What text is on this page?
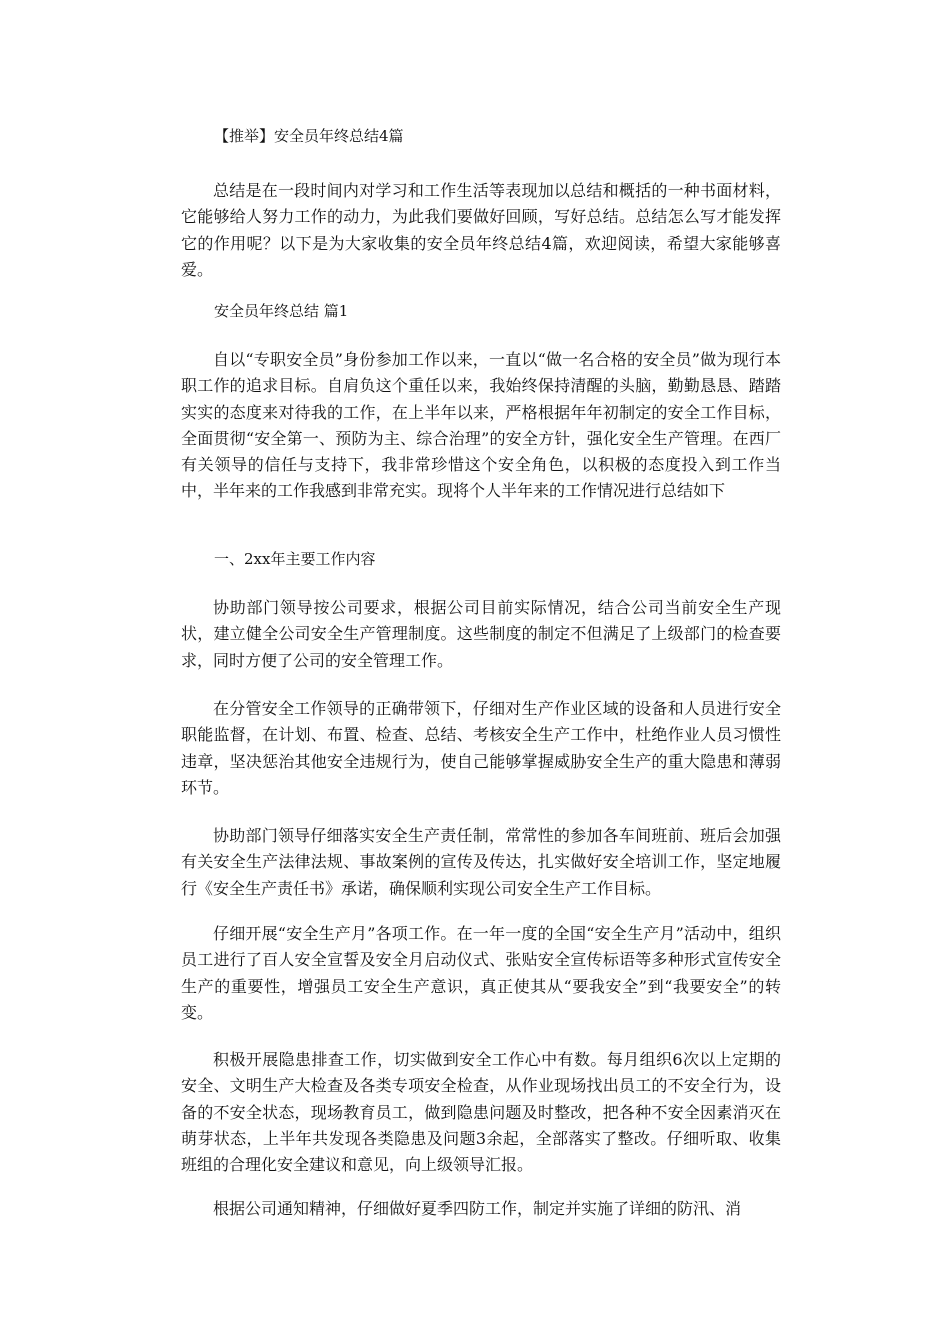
【推举】安全员年终总结4篇

总结是在一段时间内对学习和工作生活等表现加以总结和概括的一种书面材料，它能够给人努力工作的动力，为此我们要做好回顾，写好总结。总结怎么写才能发挥它的作用呢？以下是为大家收集的安全员年终总结4篇，欢迎阅读，希望大家能够喜爱。

安全员年终总结 篇1

自以“专职安全员”身份参加工作以来，一直以“做一名合格的安全员”做为现行本职工作的追求目标。自肩负这个重任以来，我始终保持清醒的头脑，勤勤恳恳、踏踏实实的态度来对待我的工作，在上半年以来，严格根据年年初制定的安全工作目标，全面贯彻“安全第一、预防为主、综合治理”的安全方针，强化安全生产管理。在西厂有关领导的信任与支持下，我非常珍惜这个安全角色，以积极的态度投入到工作当中，半年来的工作我感到非常充实。现将个人半年来的工作情况进行总结如下

一、2xx年主要工作内容

协助部门领导按公司要求，根据公司目前实际情况，结合公司当前安全生产现状，建立健全公司安全生产管理制度。这些制度的制定不但满足了上级部门的检查要求，同时方便了公司的安全管理工作。

在分管安全工作领导的正确带领下，仔细对生产作业区域的设备和人员进行安全职能监督，在计划、布置、检查、总结、考核安全生产工作中，杜绝作业人员习惯性违章，坚决惩治其他安全违规行为，使自己能够掌握威胁安全生产的重大隐患和薄弱环节。

协助部门领导仔细落实安全生产责任制，常常性的参加各车间班前、班后会加强有关安全生产法律法规、事故案例的宣传及传达，扎实做好安全培训工作，坚定地履行《安全生产责任书》承诺，确保顺利实现公司安全生产工作目标。

仔细开展“安全生产月”各项工作。在一年一度的全国“安全生产月”活动中，组织员工进行了百人安全宣誓及安全月启动仪式、张贴安全宣传标语等多种形式宣传安全生产的重要性，增强员工安全生产意识，真正使其从“要我安全”到“我要安全”的转变。

积极开展隐患排查工作，切实做到安全工作心中有数。每月组织6次以上定期的安全、文明生产大检查及各类专项安全检查，从作业现场找出员工的不安全行为，设备的不安全状态，现场教育员工，做到隐患问题及时整改，把各种不安全因素消灭在萌芽状态，上半年共发现各类隐患及问题3余起，全部落实了整改。仔细听取、收集班组的合理化安全建议和意见，向上级领导汇报。

根据公司通知精神，仔细做好夏季四防工作，制定并实施了详细的防汛、消
